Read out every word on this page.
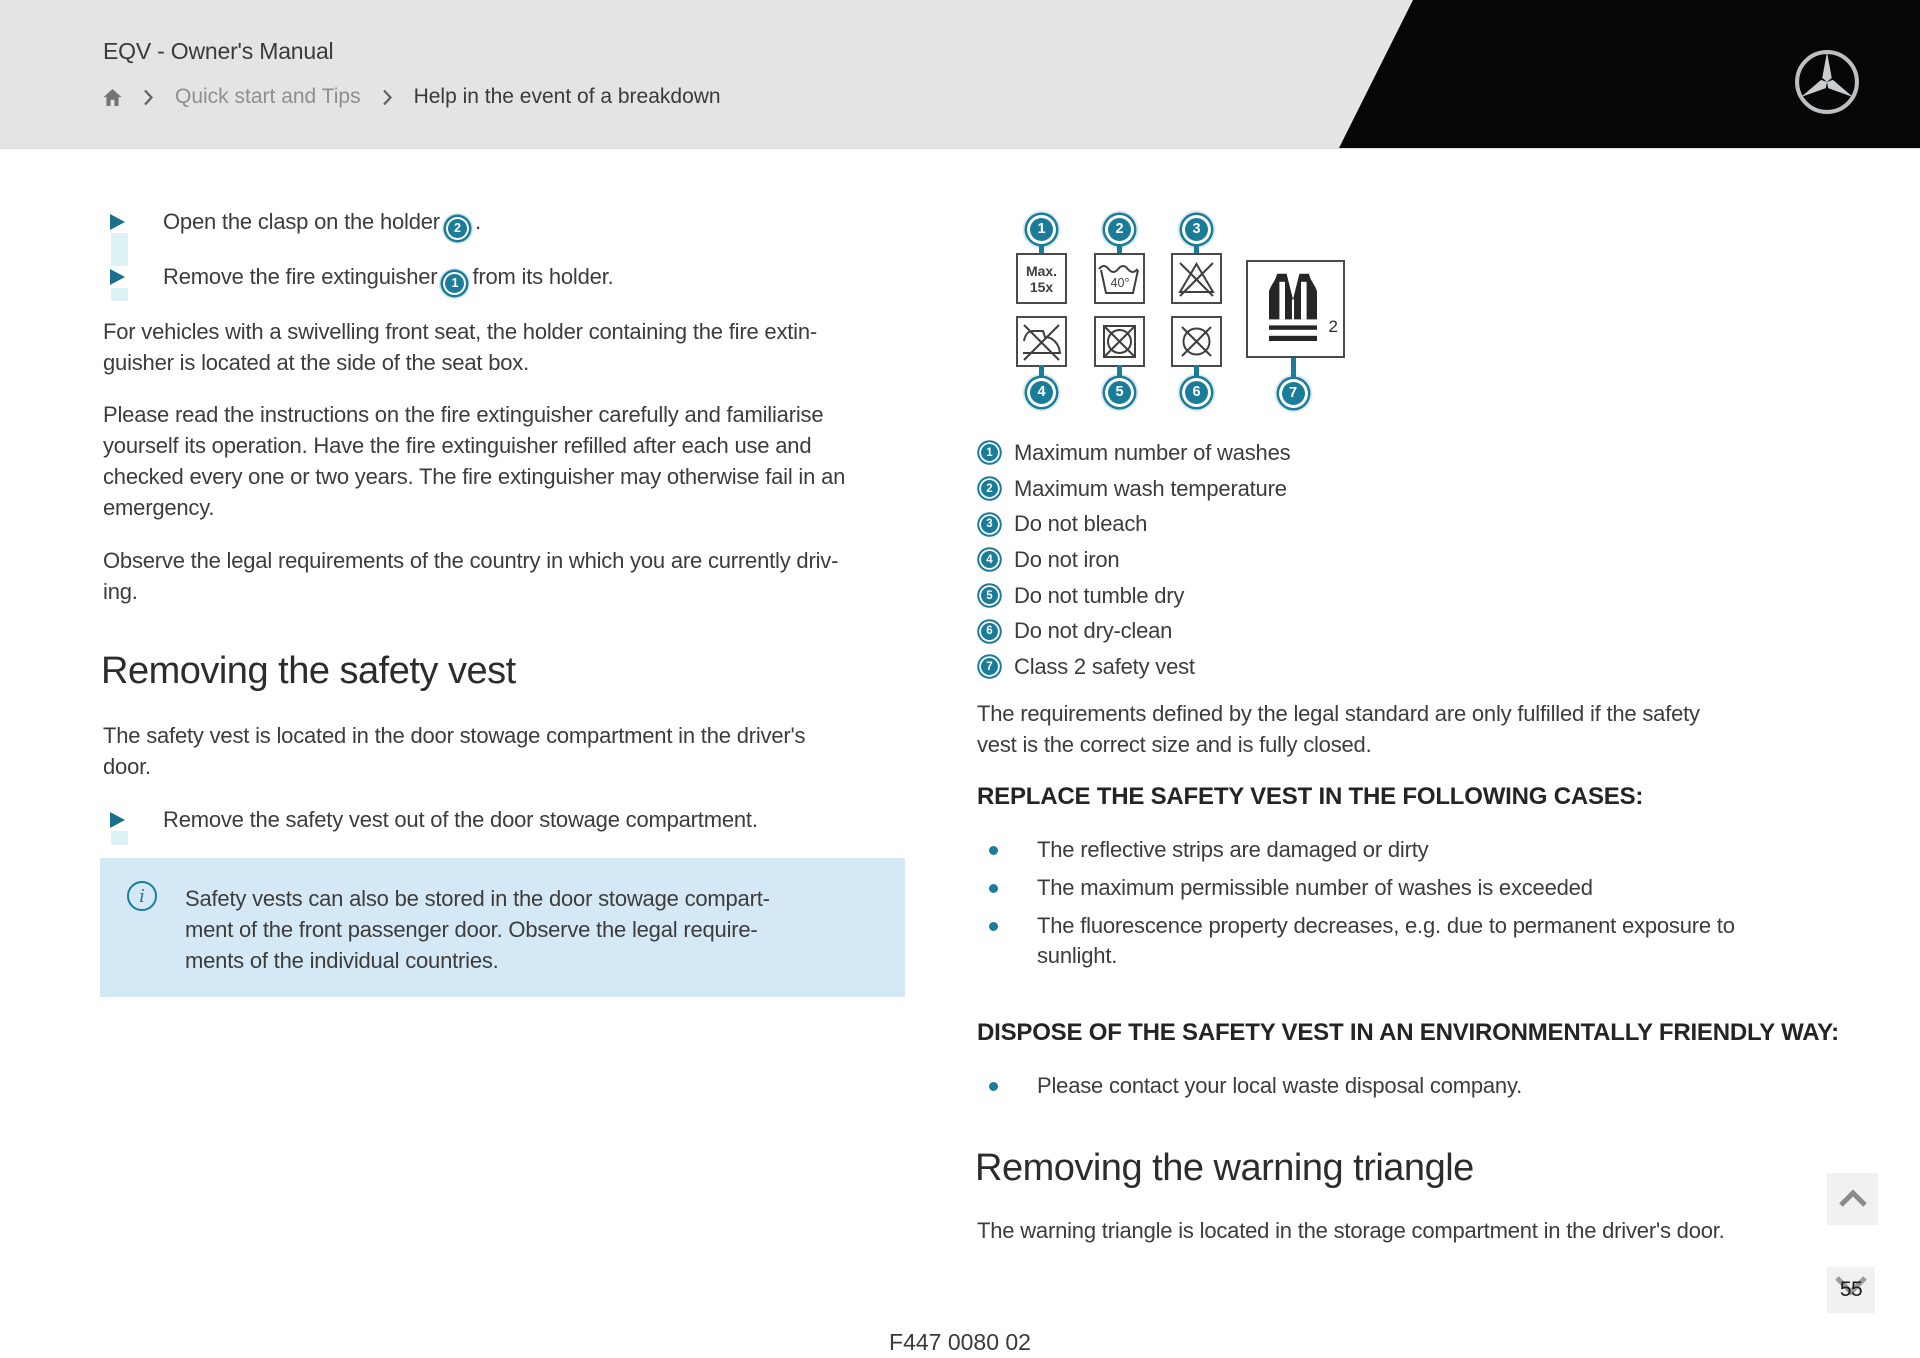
EQV - Owner's Manual
Quick start and Tips	Help in the event of a breakdown
Open the clasp on the holder 2 .
Remove the fire extinguisher 1 from its holder.
For vehicles with a swivelling front seat, the holder containing the fire extin-
guisher is located at the side of the seat box.
Please read the instructions on the fire extinguisher carefully and familiarise
yourself its operation. Have the fire extinguisher refilled after each use and
checked every one or two years. The fire extinguisher may otherwise fail in an
emergency.
Observe the legal requirements of the country in which you are currently driv-
ing.
Removing the safety vest
The safety vest is located in the door stowage compartment in the driver's
door.
Remove the safety vest out of the door stowage compartment.
i	Safety vests can also be stored in the door stowage compart-
ment of the front passenger door. Observe the legal require-
ments of the individual countries.
1	2	3
Max.
15x	40°
4	5	6
2
7
1 Maximum number of washes
2 Maximum wash temperature
3 Do not bleach
4 Do not iron
5 Do not tumble dry
6 Do not dry-clean
7 Class 2 safety vest
The requirements defined by the legal standard are only fulfilled if the safety
vest is the correct size and is fully closed.
REPLACE THE SAFETY VEST IN THE FOLLOWING CASES:
The reflective strips are damaged or dirty
The maximum permissible number of washes is exceeded
The fluorescence property decreases, e.g. due to permanent exposure to
sunlight.
DISPOSE OF THE SAFETY VEST IN AN ENVIRONMENTALLY FRIENDLY WAY:
Please contact your local waste disposal company.
Removing the warning triangle
The warning triangle is located in the storage compartment in the driver's door.
F447 0080 02
55
